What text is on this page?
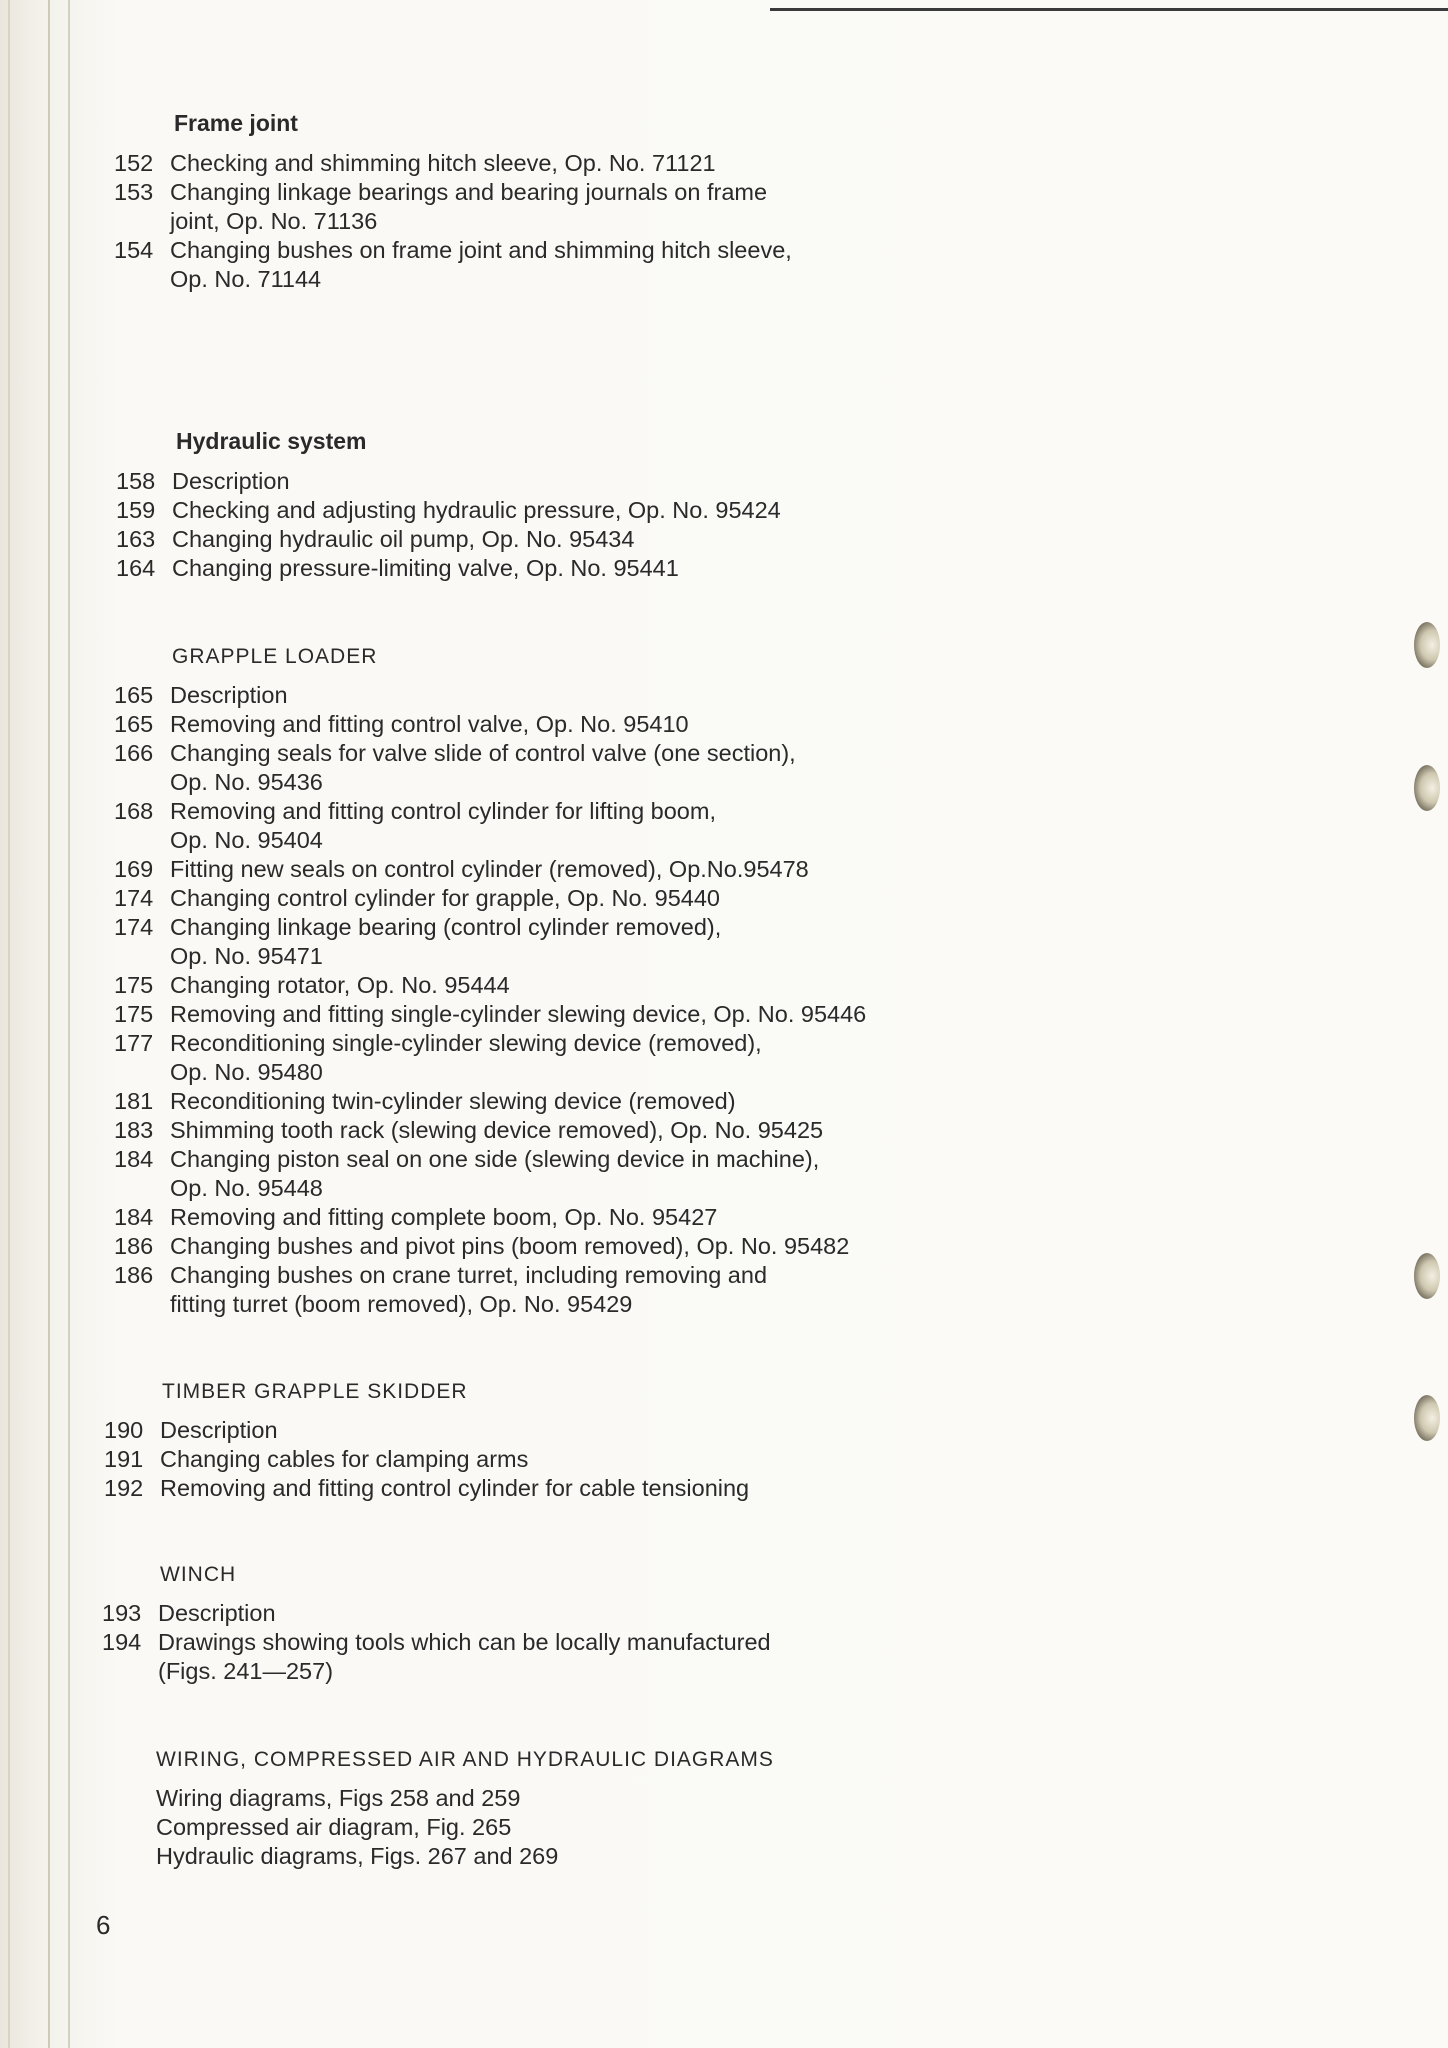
Frame joint
152 Checking and shimming hitch sleeve, Op. No. 71121
153 Changing linkage bearings and bearing journals on frame
joint, Op. No. 71136
154 Changing bushes on frame joint and shimming hitch sleeve,
Op. No. 71144
Hydraulic system
158 Description
159 Checking and adjusting hydraulic pressure, Op. No. 95424
163 Changing hydraulic oil pump, Op. No. 95434
164 Changing pressure-limiting valve, Op. No. 95441
GRAPPLE LOADER
165 Description
165 Removing and fitting control valve, Op. No. 95410
166 Changing seals for valve slide of control valve (one section),
Op. No. 95436
168 Removing and fitting control cylinder for lifting boom,
Op. No. 95404
169 Fitting new seals on control cylinder (removed), Op.No.95478
174 Changing control cylinder for grapple, Op. No. 95440
174 Changing linkage bearing (control cylinder removed),
Op. No. 95471
175 Changing rotator, Op. No. 95444
175 Removing and fitting single-cylinder slewing device, Op. No. 95446
177 Reconditioning single-cylinder slewing device (removed),
Op. No. 95480
181 Reconditioning twin-cylinder slewing device (removed)
183 Shimming tooth rack (slewing device removed), Op. No. 95425
184 Changing piston seal on one side (slewing device in machine),
Op. No. 95448
184 Removing and fitting complete boom, Op. No. 95427
186 Changing bushes and pivot pins (boom removed), Op. No. 95482
186 Changing bushes on crane turret, including removing and
fitting turret (boom removed), Op. No. 95429
TIMBER GRAPPLE SKIDDER
190 Description
191 Changing cables for clamping arms
192 Removing and fitting control cylinder for cable tensioning
WINCH
193 Description
194 Drawings showing tools which can be locally manufactured
(Figs. 241—257)
WIRING, COMPRESSED AIR AND HYDRAULIC DIAGRAMS
Wiring diagrams, Figs 258 and 259
Compressed air diagram, Fig. 265
Hydraulic diagrams, Figs. 267 and 269
6
